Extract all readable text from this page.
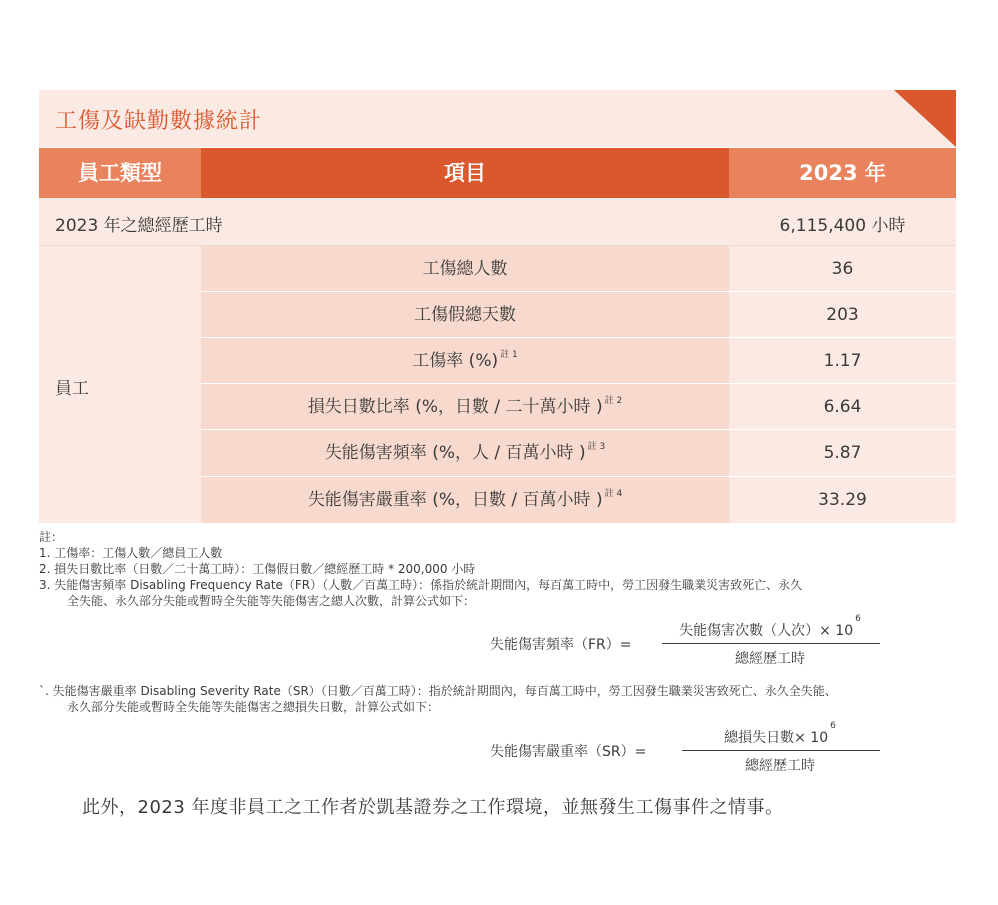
工傷及缺勤數據統計
員工類型	項目	2023 年
2023 年之總經歷工時	6,115,400 小時
員工
工傷總人數	36
工傷假總天數	203
工傷率 (%) $^{註 1}$	1.17
損失日數比率 (%，日數 / 二十萬小時 ) $^{註 2}$	6.64
失能傷害頻率 (%，人 / 百萬小時 ) $^{註 3}$	5.87
失能傷害嚴重率 (%，日數 / 百萬小時 ) $^{註 4}$	33.29
註：
1. 工傷率：工傷人數／總員工人數
2. 損失日數比率（日數／二十萬工時）：工傷假日數／總經歷工時 * 200,000 小時
3. 失能傷害頻率 Disabling Frequency Rate（FR）（人數／百萬工時）：係指於統計期間內，每百萬工時中，勞工因發生職業災害致死亡、永久
全失能、永久部分失能或暫時全失能等失能傷害之總人次數，計算公式如下：
失能傷害頻率（FR）=
失能傷害次數（人次）× $10^6$
總經歷工時
`. 失能傷害嚴重率 Disabling Severity Rate（SR）（日數／百萬工時）：指於統計期間內，每百萬工時中，勞工因發生職業災害致死亡、永久全失能、
永久部分失能或暫時全失能等失能傷害之總損失日數，計算公式如下：
失能傷害嚴重率（SR）=
總損失日數× $10^6$
總經歷工時
此外，2023 年度非員工之工作者於凱基證券之工作環境，並無發生工傷事件之情事。
